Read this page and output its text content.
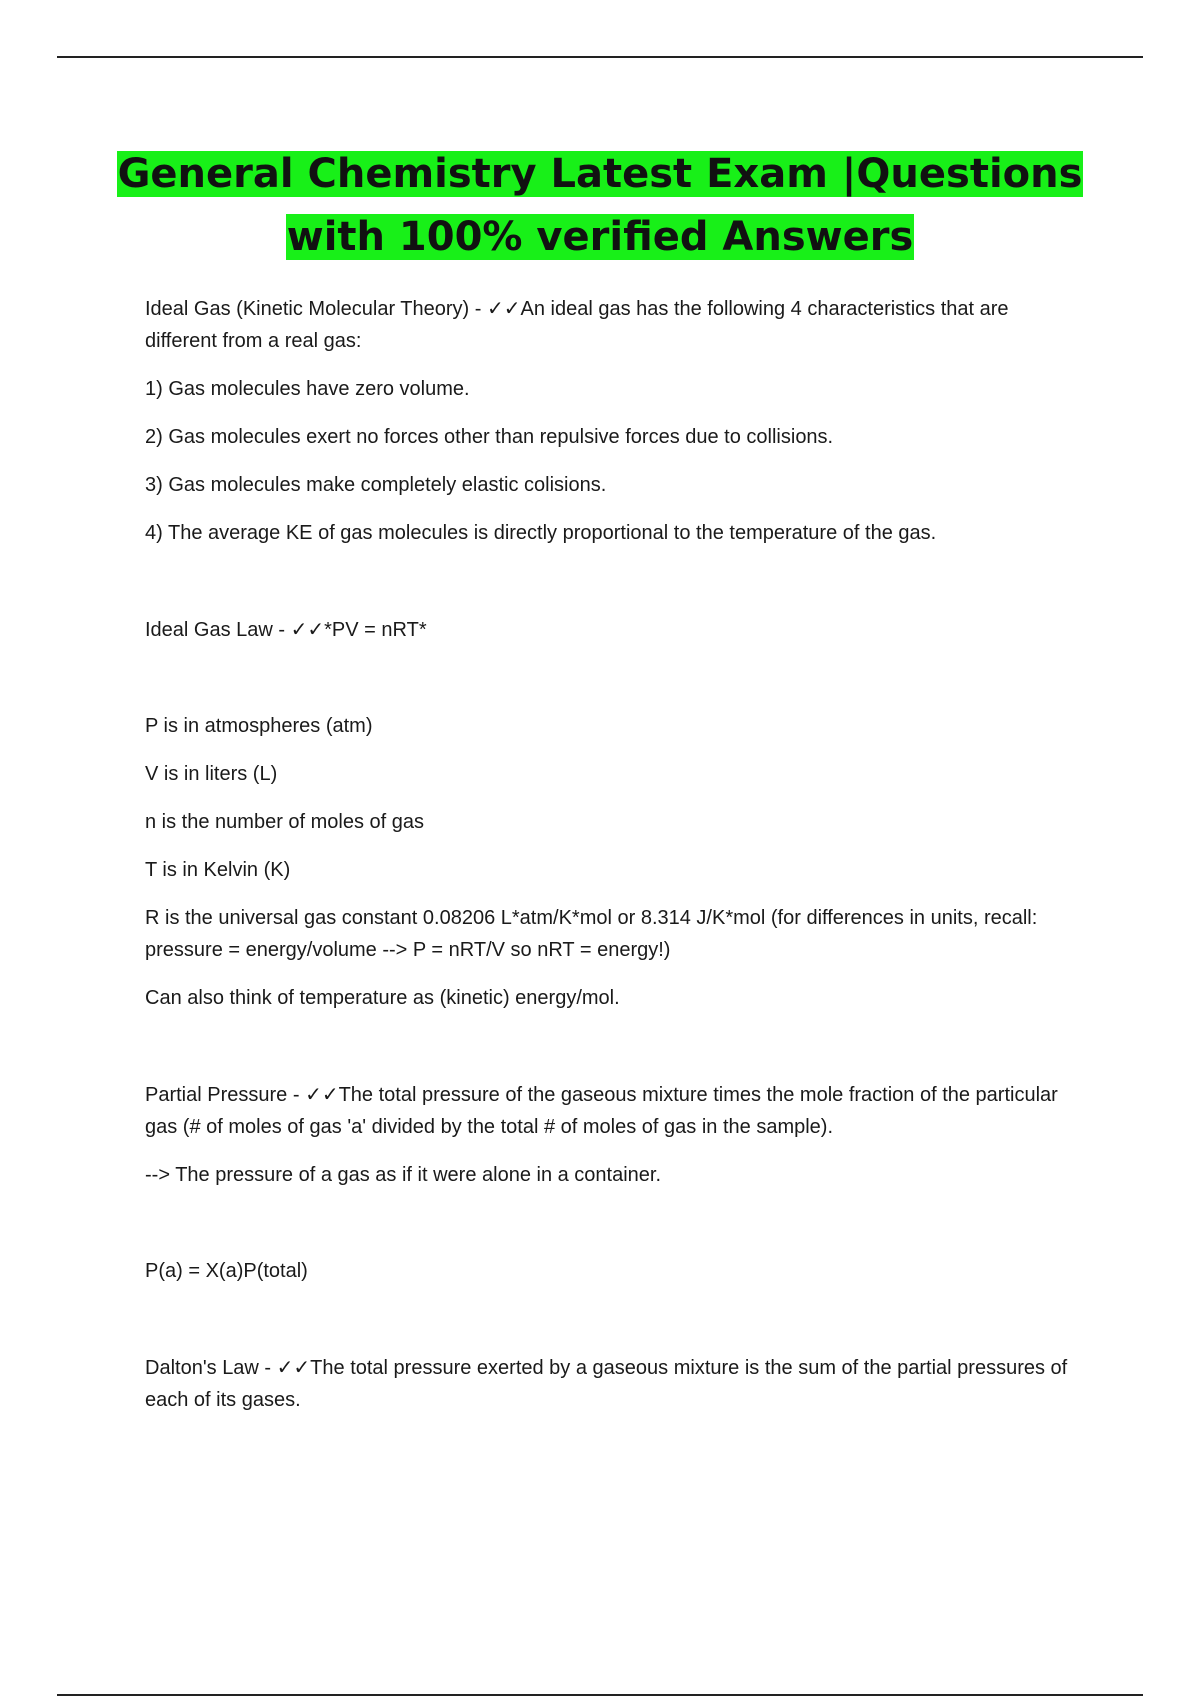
General Chemistry Latest Exam |Questions
with 100% verified Answers

Ideal Gas (Kinetic Molecular Theory) - ✓✓An ideal gas has the following 4 characteristics that are different from a real gas:

1) Gas molecules have zero volume.

2) Gas molecules exert no forces other than repulsive forces due to collisions.

3) Gas molecules make completely elastic colisions.

4) The average KE of gas molecules is directly proportional to the temperature of the gas.

Ideal Gas Law - ✓✓*PV = nRT*

P is in atmospheres (atm)

V is in liters (L)

n is the number of moles of gas

T is in Kelvin (K)

R is the universal gas constant 0.08206 L*atm/K*mol or 8.314 J/K*mol (for differences in units, recall: pressure = energy/volume --> P = nRT/V so nRT = energy!)

Can also think of temperature as (kinetic) energy/mol.

Partial Pressure - ✓✓The total pressure of the gaseous mixture times the mole fraction of the particular gas (# of moles of gas 'a' divided by the total # of moles of gas in the sample).

--> The pressure of a gas as if it were alone in a container.

P(a) = X(a)P(total)

Dalton's Law - ✓✓The total pressure exerted by a gaseous mixture is the sum of the partial pressures of each of its gases.
